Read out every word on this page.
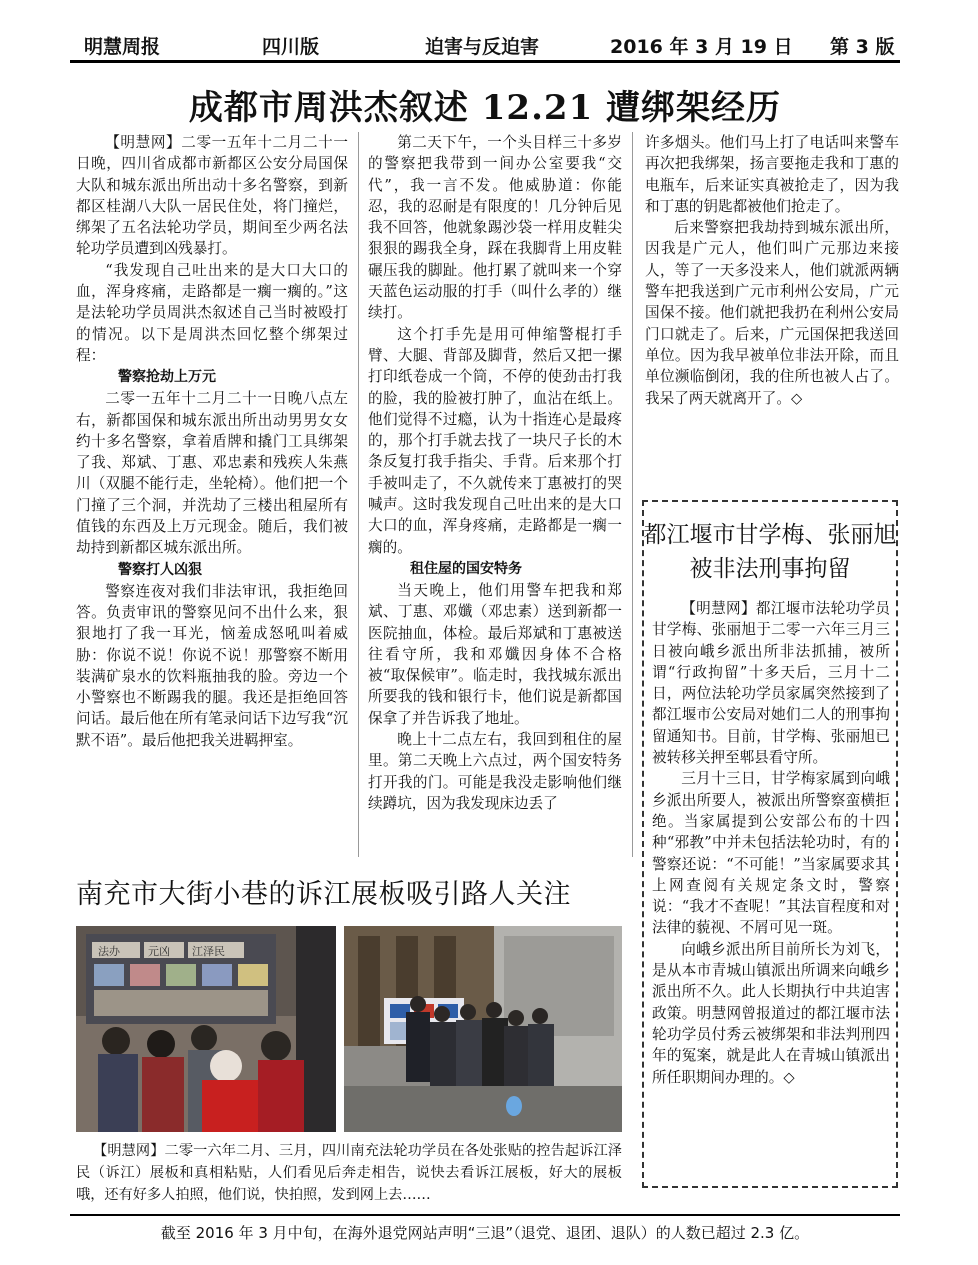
明慧周报	四川版	迫害与反迫害	2016 年 3 月 19 日 第 3 版
成都市周洪杰叙述 12.21 遭绑架经历

【明慧网】二零一五年十二月二十一日晚，四川省成都市新都区公安分局国保大队和城东派出所出动十多名警察，到新都区桂湖八大队一居民住处，将门撞烂，绑架了五名法轮功学员，期间至少两名法轮功学员遭到凶残暴打。

“我发现自己吐出来的是大口大口的血，浑身疼痛，走路都是一瘸一瘸的。”这是法轮功学员周洪杰叙述自己当时被殴打的情况。以下是周洪杰回忆整个绑架过程：

警察抢劫上万元

二零一五年十二月二十一日晚八点左右，新都国保和城东派出所出动男男女女约十多名警察，拿着盾牌和撬门工具绑架了我、郑斌、丁惠、邓忠素和残疾人朱燕川（双腿不能行走，坐轮椅）。他们把一个门撞了三个洞，并洗劫了三楼出租屋所有值钱的东西及上万元现金。随后，我们被劫持到新都区城东派出所。

警察打人凶狠

警察连夜对我们非法审讯，我拒绝回答。负责审讯的警察见问不出什么来，狠狠地打了我一耳光，恼羞成怒吼叫着威胁：你说不说！你说不说！那警察不断用装满矿泉水的饮料瓶抽我的脸。旁边一个小警察也不断踢我的腿。我还是拒绝回答问话。最后他在所有笔录问话下边写我“沉默不语”。最后他把我关进羁押室。

第二天下午，一个头目样三十多岁的警察把我带到一间办公室要我“交代”，我一言不发。他威胁道：你能忍，我的忍耐是有限度的！几分钟后见我不回答，他就象踢沙袋一样用皮鞋尖狠狠的踢我全身，踩在我脚背上用皮鞋碾压我的脚趾。他打累了就叫来一个穿天蓝色运动服的打手（叫什么孝的）继续打。

这个打手先是用可伸缩警棍打手臂、大腿、背部及脚背，然后又把一摞打印纸卷成一个筒，不停的使劲击打我的脸，我的脸被打肿了，血沾在纸上。他们觉得不过瘾，认为十指连心是最疼的，那个打手就去找了一块尺子长的木条反复打我手指尖、手背。后来那个打手被叫走了，不久就传来丁惠被打的哭喊声。这时我发现自己吐出来的是大口大口的血，浑身疼痛，走路都是一瘸一瘸的。

租住屋的国安特务

当天晚上，他们用警车把我和郑斌、丁惠、邓孅（邓忠素）送到新都一医院抽血，体检。最后郑斌和丁惠被送往看守所，我和邓孅因身体不合格被“取保候审”。临走时，我找城东派出所要我的钱和银行卡，他们说是新都国保拿了并告诉我了地址。

晚上十二点左右，我回到租住的屋里。第二天晚上六点过，两个国安特务打开我的门。可能是我没走影响他们继续蹲坑，因为我发现床边丢了

许多烟头。他们马上打了电话叫来警车再次把我绑架，扬言要拖走我和丁惠的电瓶车，后来证实真被抢走了，因为我和丁惠的钥匙都被他们抢走了。

后来警察把我劫持到城东派出所，因我是广元人，他们叫广元那边来接人，等了一天多没来人，他们就派两辆警车把我送到广元市利州公安局，广元国保不接。他们就把我扔在利州公安局门口就走了。后来，广元国保把我送回单位。因为我早被单位非法开除，而且单位濒临倒闭，我的住所也被人占了。我呆了两天就离开了。◇

都江堰市甘学梅、张丽旭
被非法刑事拘留

【明慧网】都江堰市法轮功学员甘学梅、张丽旭于二零一六年三月三日被向峨乡派出所非法抓捕，被所谓“行政拘留”十多天后，三月十二日，两位法轮功学员家属突然接到了都江堰市公安局对她们二人的刑事拘留通知书。目前，甘学梅、张丽旭已被转移关押至郫县看守所。

三月十三日，甘学梅家属到向峨乡派出所要人，被派出所警察蛮横拒绝。当家属提到公安部公布的十四种“邪教”中并未包括法轮功时，有的警察还说：“不可能！”当家属要求其上网查阅有关规定条文时，警察说：“我才不查呢！”其法盲程度和对法律的藐视、不屑可见一斑。

向峨乡派出所目前所长为刘飞，是从本市青城山镇派出所调来向峨乡派出所不久。此人长期执行中共迫害政策。明慧网曾报道过的都江堰市法轮功学员付秀云被绑架和非法判刑四年的冤案，就是此人在青城山镇派出所任职期间办理的。◇

南充市大街小巷的诉江展板吸引路人关注
法办	元凶 江泽民

【明慧网】二零一六年二月、三月，四川南充法轮功学员在各处张贴的控告起诉江泽民（诉江）展板和真相粘贴，人们看见后奔走相告，说快去看诉江展板，好大的展板哦，还有好多人拍照，他们说，快拍照，发到网上去……

截至 2016 年 3 月中旬，在海外退党网站声明“三退”（退党、退团、退队）的人数已超过 2.3 亿。
